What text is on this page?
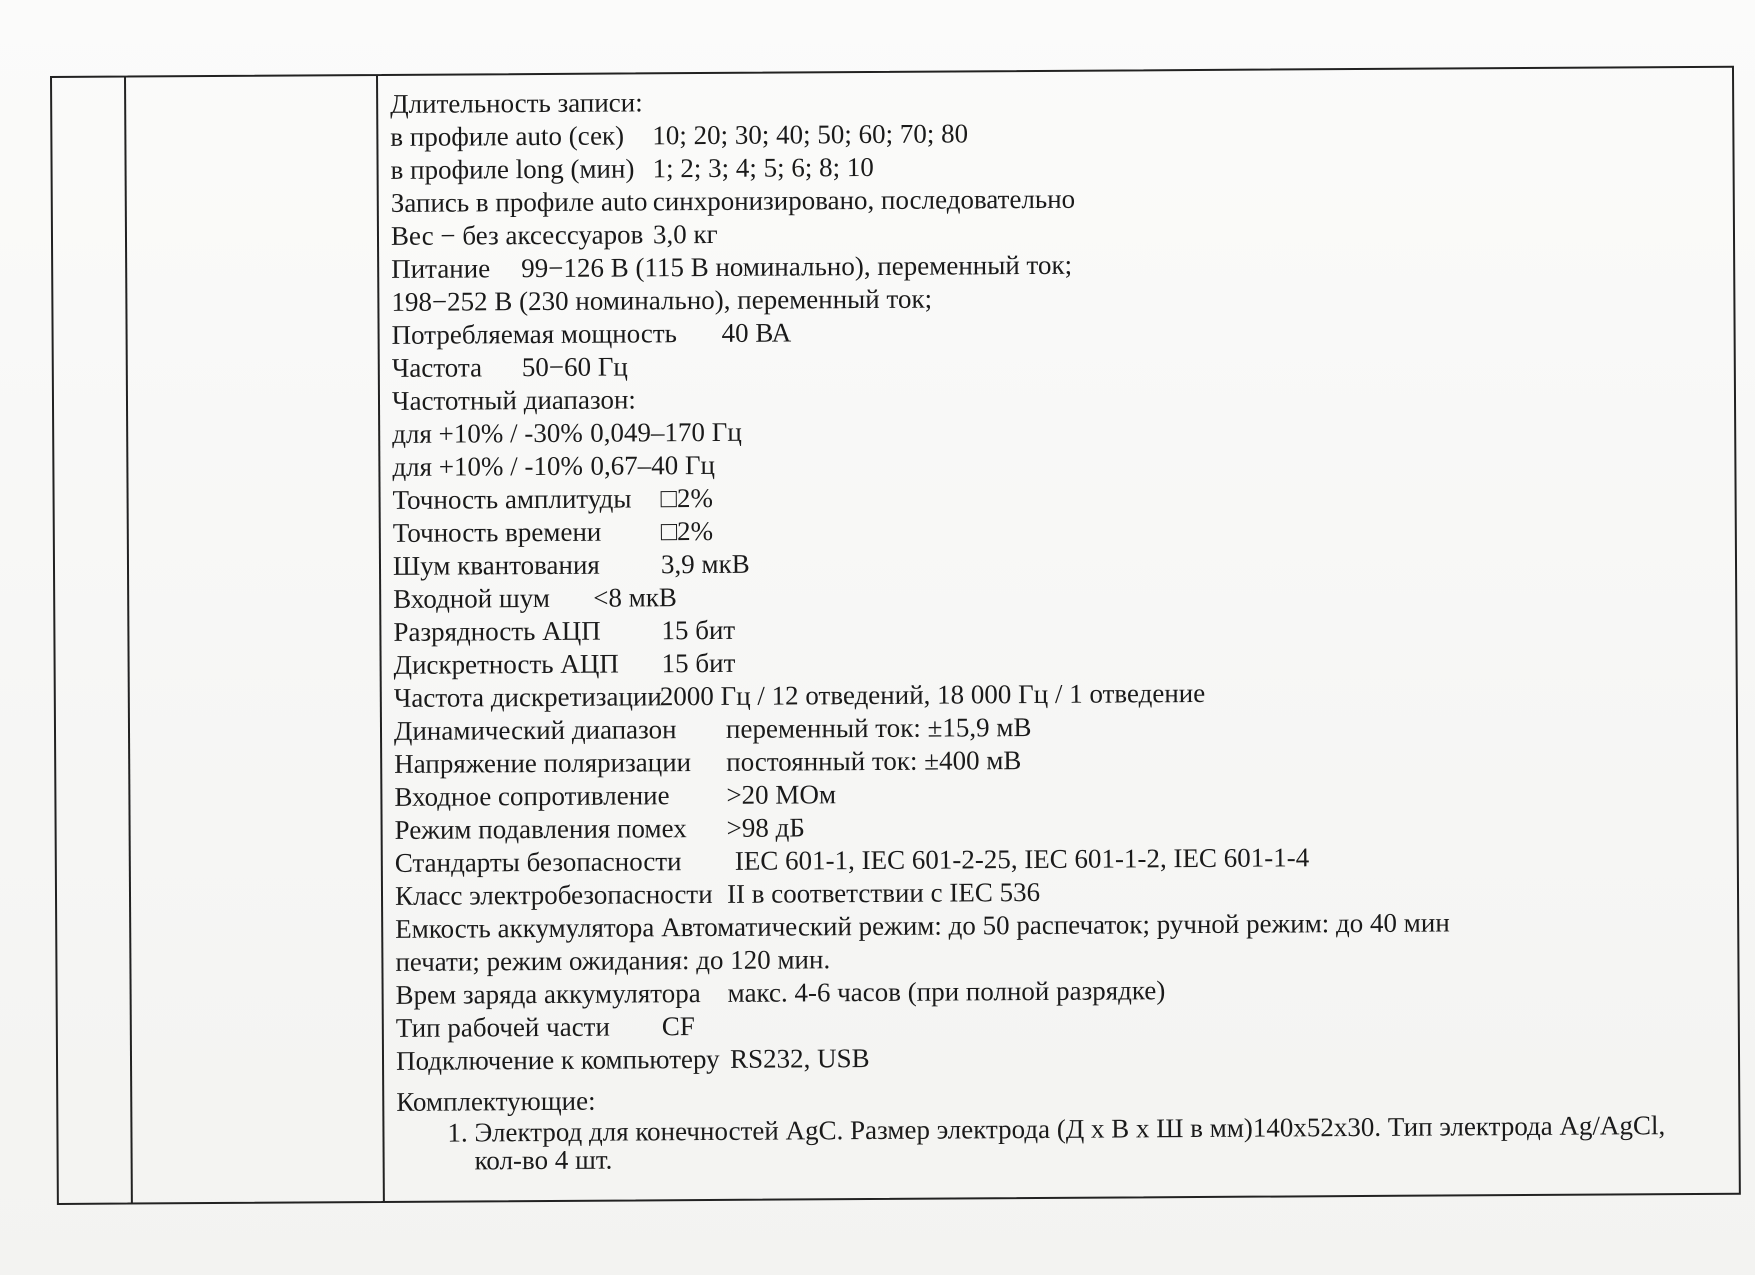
Длительность записи:
в профиле auto (сек) 10; 20; 30; 40; 50; 60; 70; 80
в профиле long (мин) 1; 2; 3; 4; 5; 6; 8; 10
Запись в профиле auto синхронизировано, последовательно
Вес − без аксессуаров 3,0 кг
Питание 99−126 В (115 В номинально), переменный ток;
198−252 В (230 номинально), переменный ток;
Потребляемая мощность 40 ВА
Частота 50−60 Гц
Частотный диапазон:
для +10% / -30% 0,049–170 Гц
для +10% / -10% 0,67–40 Гц
Точность амплитуды □2%
Точность времени □2%
Шум квантования 3,9 мкВ
Входной шум <8 мкВ
Разрядность АЦП 15 бит
Дискретность АЦП 15 бит
Частота дискретизации
2000 Гц / 12 отведений, 18 000 Гц / 1 отведение
Динамический диапазон переменный ток: ±15,9 мВ
Напряжение поляризации постоянный ток: ±400 мВ
Входное сопротивление >20 МОм
Режим подавления помех >98 дБ
Стандарты безопасности IEC 601-1, IEC 601-2-25, IEC 601-1-2, IEC 601-1-4
Класс электробезопасности II в соответствии с IEC 536
Емкость аккумулятора Автоматический режим: до 50 распечаток; ручной режим: до 40 мин
печати; режим ожидания: до 120 мин.
Врем заряда аккумулятора макс. 4-6 часов (при полной разрядке)
Тип рабочей части CF
Подключение к компьютеру RS232, USB
Комплектующие:
1. Электрод для конечностей AgC. Размер электрода (Д х В х Ш в мм)140х52х30. Тип электрода Ag/AgCl, кол-во 4 шт.
